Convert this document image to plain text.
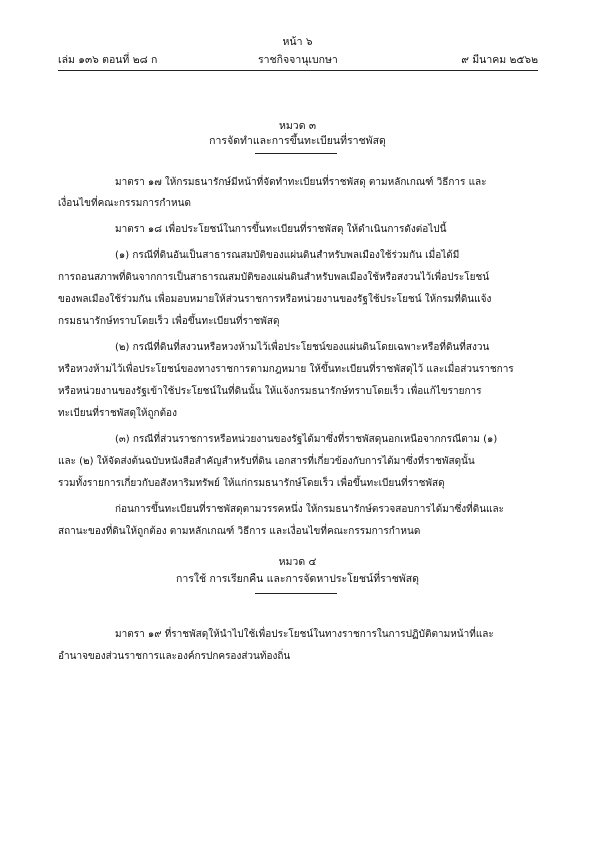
หน้า ๖
เล่ม ๑๓๖ ตอนที่ ๒๘ ก	ราชกิจจานุเบกษา	๙ มีนาคม ๒๕๖๒
หมวด ๓
การจัดทำและการขึ้นทะเบียนที่ราชพัสดุ
มาตรา ๑๗ ให้กรมธนารักษ์มีหน้าที่จัดทำทะเบียนที่ราชพัสดุ ตามหลักเกณฑ์ วิธีการ และ
เงื่อนไขที่คณะกรรมการกำหนด
มาตรา ๑๘ เพื่อประโยชน์ในการขึ้นทะเบียนที่ราชพัสดุ ให้ดำเนินการดังต่อไปนี้
(๑) กรณีที่ดินอันเป็นสาธารณสมบัติของแผ่นดินสำหรับพลเมืองใช้ร่วมกัน เมื่อได้มี
การถอนสภาพที่ดินจากการเป็นสาธารณสมบัติของแผ่นดินสำหรับพลเมืองใช้หรือสงวนไว้เพื่อประโยชน์
ของพลเมืองใช้ร่วมกัน เพื่อมอบหมายให้ส่วนราชการหรือหน่วยงานของรัฐใช้ประโยชน์ ให้กรมที่ดินแจ้ง
กรมธนารักษ์ทราบโดยเร็ว เพื่อขึ้นทะเบียนที่ราชพัสดุ
(๒) กรณีที่ดินที่สงวนหรือหวงห้ามไว้เพื่อประโยชน์ของแผ่นดินโดยเฉพาะหรือที่ดินที่สงวน
หรือหวงห้ามไว้เพื่อประโยชน์ของทางราชการตามกฎหมาย ให้ขึ้นทะเบียนที่ราชพัสดุไว้ และเมื่อส่วนราชการ
หรือหน่วยงานของรัฐเข้าใช้ประโยชน์ในที่ดินนั้น ให้แจ้งกรมธนารักษ์ทราบโดยเร็ว เพื่อแก้ไขรายการ
ทะเบียนที่ราชพัสดุให้ถูกต้อง
(๓) กรณีที่ส่วนราชการหรือหน่วยงานของรัฐได้มาซึ่งที่ราชพัสดุนอกเหนือจากกรณีตาม (๑)
และ (๒) ให้จัดส่งต้นฉบับหนังสือสำคัญสำหรับที่ดิน เอกสารที่เกี่ยวข้องกับการได้มาซึ่งที่ราชพัสดุนั้น
รวมทั้งรายการเกี่ยวกับอสังหาริมทรัพย์ ให้แก่กรมธนารักษ์โดยเร็ว เพื่อขึ้นทะเบียนที่ราชพัสดุ
ก่อนการขึ้นทะเบียนที่ราชพัสดุตามวรรคหนึ่ง ให้กรมธนารักษ์ตรวจสอบการได้มาซึ่งที่ดินและ
สถานะของที่ดินให้ถูกต้อง ตามหลักเกณฑ์ วิธีการ และเงื่อนไขที่คณะกรรมการกำหนด
หมวด ๔
การใช้ การเรียกคืน และการจัดหาประโยชน์ที่ราชพัสดุ
มาตรา ๑๙ ที่ราชพัสดุให้นำไปใช้เพื่อประโยชน์ในทางราชการในการปฏิบัติตามหน้าที่และ
อำนาจของส่วนราชการและองค์กรปกครองส่วนท้องถิ่น
